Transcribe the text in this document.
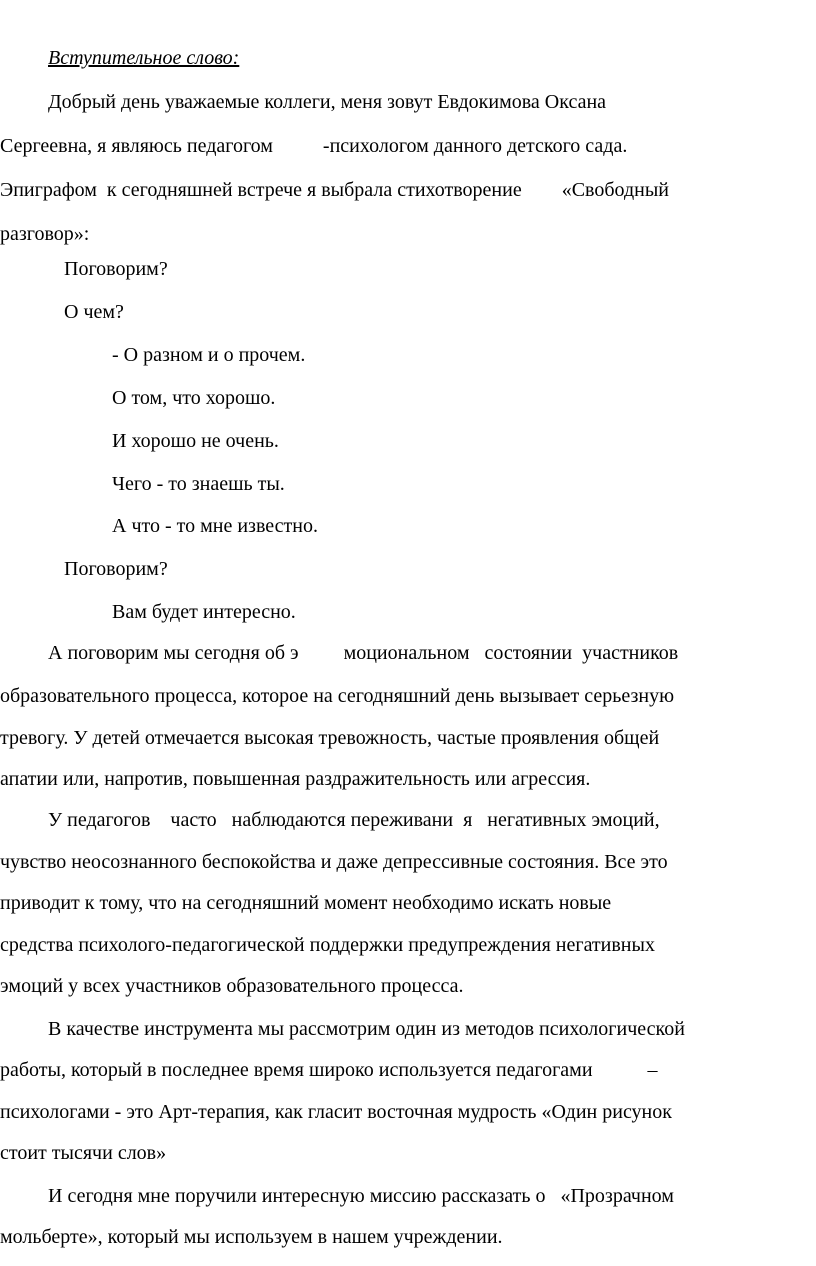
Вступительное слово:
Добрый день уважаемые коллеги, меня зовут Евдокимова Оксана
Сергеевна, я являюсь педагогом          -психологом данного детского сада.
Эпиграфом  к сегодняшней встрече я выбрала стихотворение        «Свободный
разговор»:
Поговорим?
О чем?
- О разном и о прочем.
О том, что хорошо.
И хорошо не очень.
Чего - то знаешь ты.
А что - то мне известно.
Поговорим?
Вам будет интересно.
А поговорим мы сегодня об э         моциональном   состоянии  участников
образовательного процесса, которое на сегодняшний день вызывает серьезную
тревогу. У детей отмечается высокая тревожность, частые проявления общей
апатии или, напротив, повышенная раздражительность или агрессия.
У педагогов    часто   наблюдаются переживани  я   негативных эмоций,
чувство неосознанного беспокойства и даже депрессивные состояния. Все это
приводит к тому, что на сегодняшний момент необходимо искать новые
средства психолого-педагогической поддержки предупреждения негативных
эмоций у всех участников образовательного процесса.
В качестве инструмента мы рассмотрим один из методов психологической
работы, который в последнее время широко используется педагогами           –
психологами - это Арт-терапия, как гласит восточная мудрость «Один рисунок
стоит тысячи слов»
И сегодня мне поручили интересную миссию рассказать о   «Прозрачном
мольберте», который мы используем в нашем учреждении.
